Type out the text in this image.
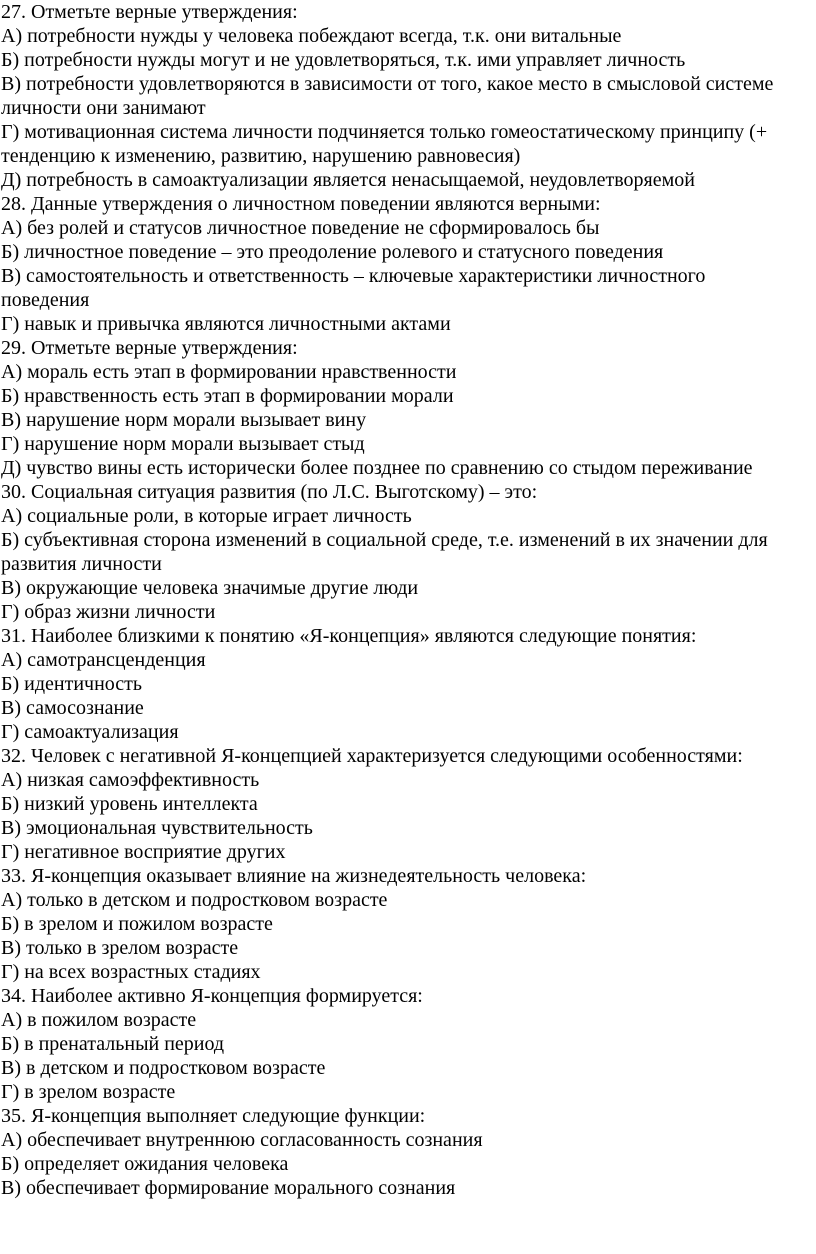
27. Отметьте верные утверждения:

А) потребности нужды у человека побеждают всегда, т.к. они витальные

Б) потребности нужды могут и не удовлетворяться, т.к. ими управляет личность

В) потребности удовлетворяются в зависимости от того, какое место в смысловой системе личности они занимают

Г) мотивационная система личности подчиняется только гомеостатическому принципу (+ тенденцию к изменению, развитию, нарушению равновесия)

Д) потребность в самоактуализации является ненасыщаемой, неудовлетворяемой

28. Данные утверждения о личностном поведении являются верными:

А) без ролей и статусов личностное поведение не сформировалось бы

Б) личностное поведение – это преодоление ролевого и статусного поведения

В) самостоятельность и ответственность – ключевые характеристики личностного поведения

Г) навык и привычка являются личностными актами

29. Отметьте верные утверждения:

А) мораль есть этап в формировании нравственности

Б) нравственность есть этап в формировании морали

В) нарушение норм морали вызывает вину

Г) нарушение норм морали вызывает стыд

Д) чувство вины есть исторически более позднее по сравнению со стыдом переживание

30. Социальная ситуация развития (по Л.С. Выготскому) – это:

А) социальные роли, в которые играет личность

Б) субъективная сторона изменений в социальной среде, т.е. изменений в их значении для развития личности

В) окружающие человека значимые другие люди

Г) образ жизни личности

31. Наиболее близкими к понятию «Я-концепция» являются следующие понятия:

А) самотрансценденция

Б) идентичность

В) самосознание

Г) самоактуализация

32. Человек с негативной Я-концепцией характеризуется следующими особенностями:

А) низкая самоэффективность

Б) низкий уровень интеллекта

В) эмоциональная чувствительность

Г) негативное восприятие других

33. Я-концепция оказывает влияние на жизнедеятельность человека:

А) только в детском и подростковом возрасте

Б) в зрелом и пожилом возрасте

В) только в зрелом возрасте

Г) на всех возрастных стадиях

34. Наиболее активно Я-концепция формируется:

А) в пожилом возрасте

Б) в пренатальный период

В) в детском и подростковом возрасте

Г) в зрелом возрасте

35. Я-концепция выполняет следующие функции:

А) обеспечивает внутреннюю согласованность сознания

Б) определяет ожидания человека

В) обеспечивает формирование морального сознания
